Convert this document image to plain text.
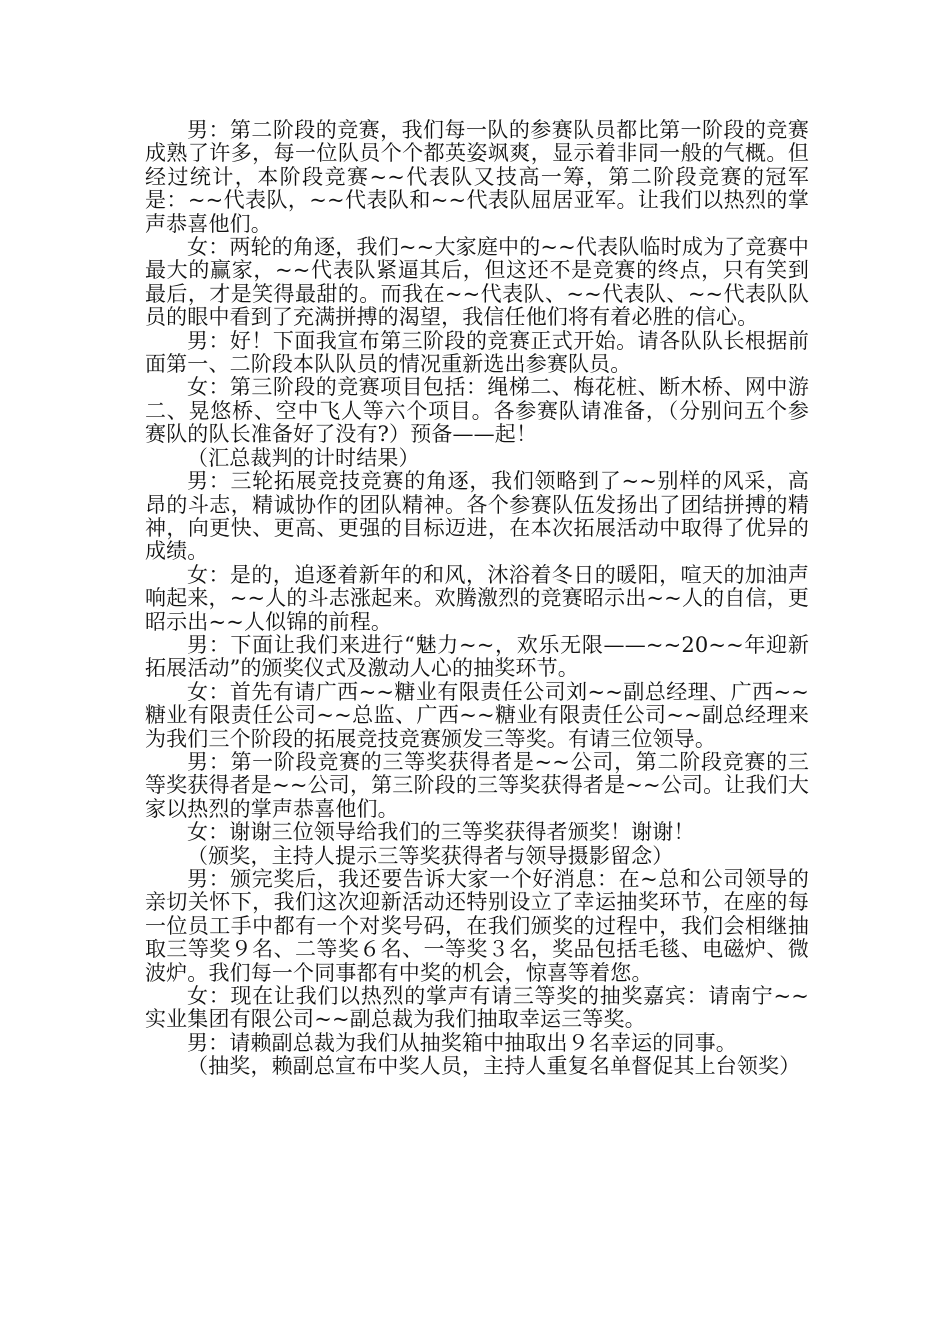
男：第二阶段的竞赛，我们每一队的参赛队员都比第一阶段的竞赛成熟了许多，每一位队员个个都英姿飒爽，显示着非同一般的气概。但经过统计，本阶段竞赛~~代表队又技高一筹，第二阶段竞赛的冠军是：~~代表队，~~代表队和~~代表队屈居亚军。让我们以热烈的掌声恭喜他们。

女：两轮的角逐，我们~~大家庭中的~~代表队临时成为了竞赛中最大的赢家，~~代表队紧逼其后，但这还不是竞赛的终点，只有笑到最后，才是笑得最甜的。而我在~~代表队、~~代表队、~~代表队队员的眼中看到了充满拼搏的渴望，我信任他们将有着必胜的信心。

男：好！下面我宣布第三阶段的竞赛正式开始。请各队队长根据前面第一、二阶段本队队员的情况重新选出参赛队员。

女：第三阶段的竞赛项目包括：绳梯二、梅花桩、断木桥、网中游二、晃悠桥、空中飞人等六个项目。各参赛队请准备，（分别问五个参赛队的队长准备好了没有?）预备——起！

（汇总裁判的计时结果）

男：三轮拓展竞技竞赛的角逐，我们领略到了~~别样的风采，高昂的斗志，精诚协作的团队精神。各个参赛队伍发扬出了团结拼搏的精神，向更快、更高、更强的目标迈进，在本次拓展活动中取得了优异的成绩。

女：是的，追逐着新年的和风，沐浴着冬日的暖阳，喧天的加油声响起来，~~人的斗志涨起来。欢腾激烈的竞赛昭示出~~人的自信，更昭示出~~人似锦的前程。

男：下面让我们来进行“魅力~~，欢乐无限——~~20~~年迎新拓展活动”的颁奖仪式及激动人心的抽奖环节。

女：首先有请广西~~糖业有限责任公司刘~~副总经理、广西~~糖业有限责任公司~~总监、广西~~糖业有限责任公司~~副总经理来为我们三个阶段的拓展竞技竞赛颁发三等奖。有请三位领导。

男：第一阶段竞赛的三等奖获得者是~~公司，第二阶段竞赛的三等奖获得者是~~公司，第三阶段的三等奖获得者是~~公司。让我们大家以热烈的掌声恭喜他们。

女：谢谢三位领导给我们的三等奖获得者颁奖！谢谢！

（颁奖，主持人提示三等奖获得者与领导摄影留念）

男：颁完奖后，我还要告诉大家一个好消息：在~总和公司领导的亲切关怀下，我们这次迎新活动还特别设立了幸运抽奖环节，在座的每一位员工手中都有一个对奖号码，在我们颁奖的过程中，我们会相继抽取三等奖９名、二等奖６名、一等奖３名，奖品包括毛毯、电磁炉、微波炉。我们每一个同事都有中奖的机会，惊喜等着您。

女：现在让我们以热烈的掌声有请三等奖的抽奖嘉宾：请南宁~~实业集团有限公司~~副总裁为我们抽取幸运三等奖。

男：请赖副总裁为我们从抽奖箱中抽取出９名幸运的同事。

（抽奖，赖副总宣布中奖人员，主持人重复名单督促其上台领奖）
